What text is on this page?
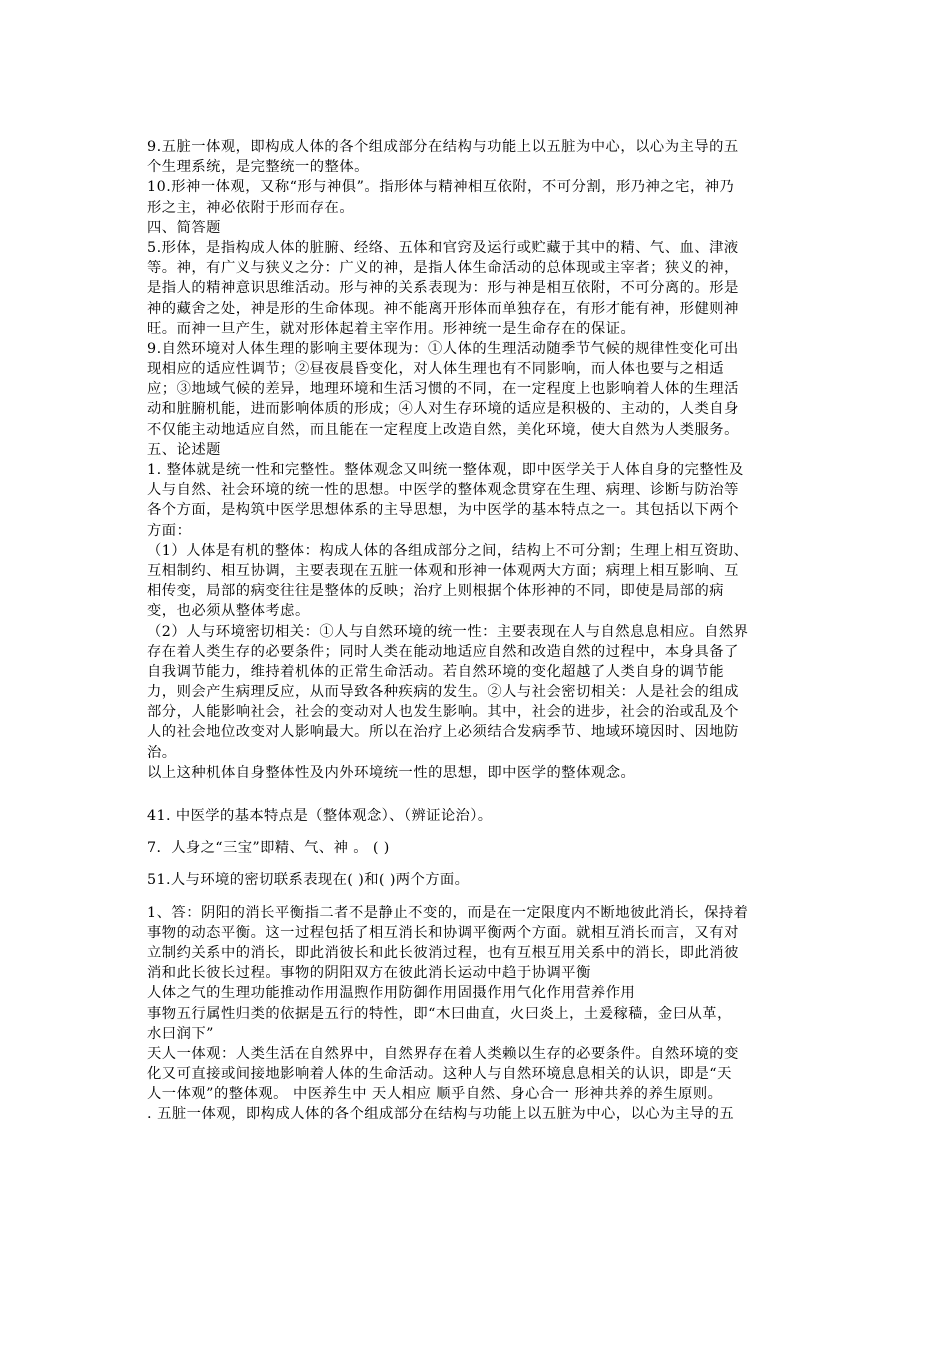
9.五脏一体观，即构成人体的各个组成部分在结构与功能上以五脏为中心，以心为主导的五
个生理系统，是完整统一的整体。
10.形神一体观，又称“形与神俱”。指形体与精神相互依附，不可分割，形乃神之宅，神乃
形之主，神必依附于形而存在。
四、简答题
5.形体，是指构成人体的脏腑、经络、五体和官窍及运行或贮藏于其中的精、气、血、津液
等。神，有广义与狭义之分：广义的神，是指人体生命活动的总体现或主宰者；狭义的神，
是指人的精神意识思维活动。形与神的关系表现为：形与神是相互依附，不可分离的。形是
神的藏舍之处，神是形的生命体现。神不能离开形体而单独存在，有形才能有神，形健则神
旺。而神一旦产生，就对形体起着主宰作用。形神统一是生命存在的保证。
9.自然环境对人体生理的影响主要体现为：①人体的生理活动随季节气候的规律性变化可出
现相应的适应性调节；②昼夜晨昏变化，对人体生理也有不同影响，而人体也要与之相适
应；③地域气候的差异，地理环境和生活习惯的不同，在一定程度上也影响着人体的生理活
动和脏腑机能，进而影响体质的形成；④人对生存环境的适应是积极的、主动的，人类自身
不仅能主动地适应自然，而且能在一定程度上改造自然，美化环境，使大自然为人类服务。
五、论述题
1. 整体就是统一性和完整性。整体观念又叫统一整体观，即中医学关于人体自身的完整性及
人与自然、社会环境的统一性的思想。中医学的整体观念贯穿在生理、病理、诊断与防治等
各个方面，是构筑中医学思想体系的主导思想，为中医学的基本特点之一。其包括以下两个
方面：
（1）人体是有机的整体：构成人体的各组成部分之间，结构上不可分割；生理上相互资助、
互相制约、相互协调，主要表现在五脏一体观和形神一体观两大方面；病理上相互影响、互
相传变，局部的病变往往是整体的反映；治疗上则根据个体形神的不同，即使是局部的病
变，也必须从整体考虑。
（2）人与环境密切相关：①人与自然环境的统一性：主要表现在人与自然息息相应。自然界
存在着人类生存的必要条件；同时人类在能动地适应自然和改造自然的过程中，本身具备了
自我调节能力，维持着机体的正常生命活动。若自然环境的变化超越了人类自身的调节能
力，则会产生病理反应，从而导致各种疾病的发生。②人与社会密切相关：人是社会的组成
部分，人能影响社会，社会的变动对人也发生影响。其中，社会的进步，社会的治或乱及个
人的社会地位改变对人影响最大。所以在治疗上必须结合发病季节、地域环境因时、因地防
治。
以上这种机体自身整体性及内外环境统一性的思想，即中医学的整体观念。
41. 中医学的基本特点是（整体观念）、（辨证论治）。
7．人身之“三宝”即精、气、神 。 ( )
51.人与环境的密切联系表现在( )和( )两个方面。
1、答：阴阳的消长平衡指二者不是静止不变的，而是在一定限度内不断地彼此消长，保持着
事物的动态平衡。这一过程包括了相互消长和协调平衡两个方面。就相互消长而言，又有对
立制约关系中的消长，即此消彼长和此长彼消过程，也有互根互用关系中的消长，即此消彼
消和此长彼长过程。事物的阴阳双方在彼此消长运动中趋于协调平衡
人体之气的生理功能推动作用温煦作用防御作用固摄作用气化作用营养作用
事物五行属性归类的依据是五行的特性，即“木曰曲直，火曰炎上，土爰稼穑，金曰从革，
水曰润下”
天人一体观：人类生活在自然界中，自然界存在着人类赖以生存的必要条件。自然环境的变
化又可直接或间接地影响着人体的生命活动。这种人与自然环境息息相关的认识，即是“天
人一体观”的整体观。 中医养生中 天人相应 顺乎自然、身心合一 形神共养的养生原则。
. 五脏一体观，即构成人体的各个组成部分在结构与功能上以五脏为中心，以心为主导的五
